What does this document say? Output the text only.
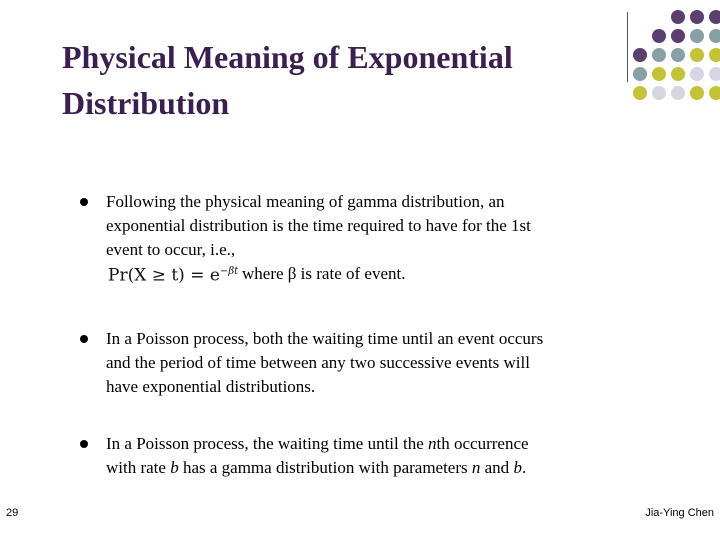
Physical Meaning of Exponential Distribution
Following the physical meaning of gamma distribution, an
exponential distribution is the time required to have for the 1st
event to occur, i.e.,
$Pr(X \ge t) = e^{-\beta t}$ where β is rate of event.
In a Poisson process, both the waiting time until an event occurs
and the period of time between any two successive events will
have exponential distributions.
In a Poisson process, the waiting time until the nth occurrence
with rate b has a gamma distribution with parameters n and b.
29	Jia-Ying Chen
